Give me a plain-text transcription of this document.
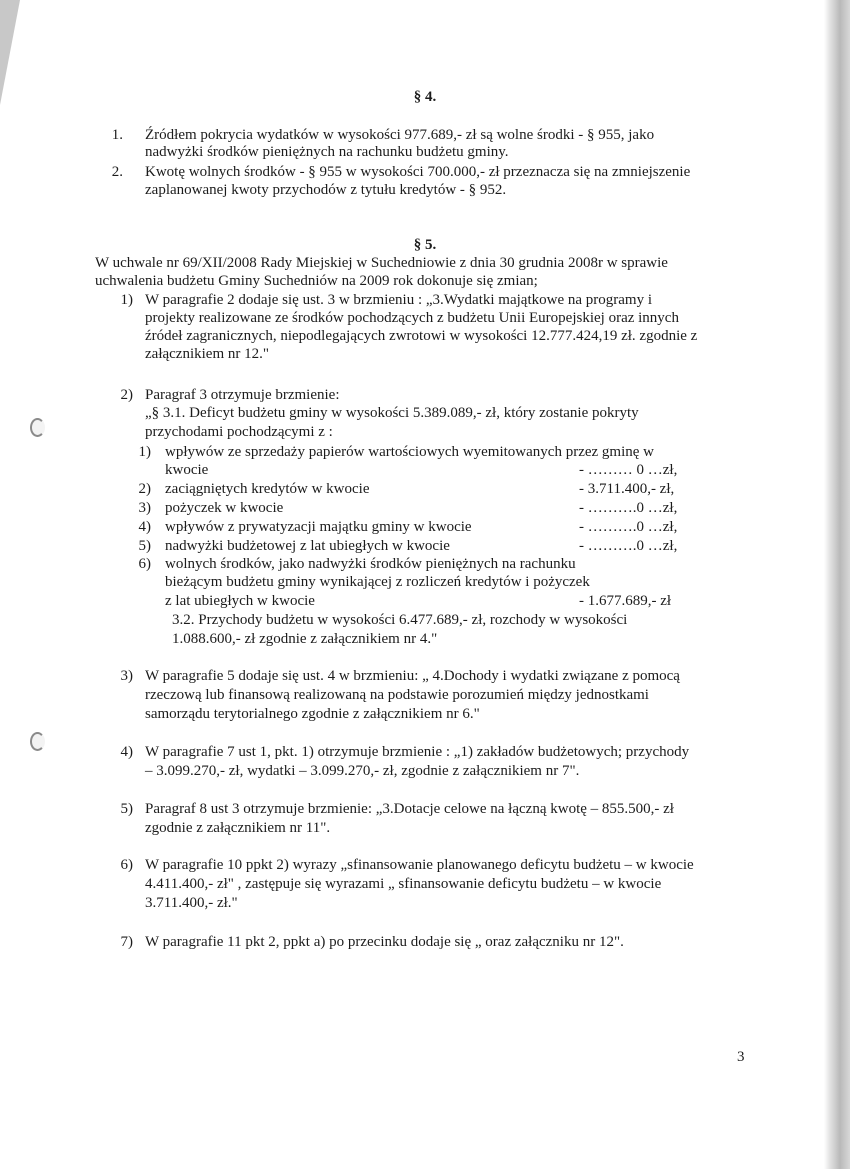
§ 4.
1. Źródłem pokrycia wydatków w wysokości 977.689,- zł są wolne środki - § 955, jako
nadwyżki środków pieniężnych na rachunku budżetu gminy.
2. Kwotę wolnych środków - § 955 w wysokości 700.000,- zł przeznacza się na zmniejszenie
zaplanowanej kwoty przychodów z tytułu kredytów - § 952.
§ 5.
W uchwale nr 69/XII/2008 Rady Miejskiej w Suchedniowie z dnia 30 grudnia 2008r w sprawie
uchwalenia budżetu Gminy Suchedniów na 2009 rok dokonuje się zmian;
1) W paragrafie 2 dodaje się ust. 3 w brzmieniu : „3.Wydatki majątkowe na programy i
projekty realizowane ze środków pochodzących z budżetu Unii Europejskiej oraz innych
źródeł zagranicznych, niepodlegających zwrotowi w wysokości 12.777.424,19 zł. zgodnie z
załącznikiem nr 12."
2) Paragraf 3 otrzymuje brzmienie:
„§ 3.1. Deficyt budżetu gminy w wysokości 5.389.089,- zł, który zostanie pokryty
przychodami pochodzącymi z :
1) wpływów ze sprzedaży papierów wartościowych wyemitowanych przez gminę w
kwocie	- ……… 0 …zł,
2) zaciągniętych kredytów w kwocie	- 3.711.400,- zł,
3) pożyczek w kwocie	- ……….0 …zł,
4) wpływów z prywatyzacji majątku gminy w kwocie	- ……….0 …zł,
5) nadwyżki budżetowej z lat ubiegłych w kwocie	- ……….0 …zł,
6) wolnych środków, jako nadwyżki środków pieniężnych na rachunku
bieżącym budżetu gminy wynikającej z rozliczeń kredytów i pożyczek
z lat ubiegłych w kwocie	- 1.677.689,- zł
3.2. Przychody budżetu w wysokości 6.477.689,- zł, rozchody w wysokości
1.088.600,- zł zgodnie z załącznikiem nr 4."
3) W paragrafie 5 dodaje się ust. 4 w brzmieniu: „ 4.Dochody i wydatki związane z pomocą
rzeczową lub finansową realizowaną na podstawie porozumień między jednostkami
samorządu terytorialnego zgodnie z załącznikiem nr 6."
4) W paragrafie 7 ust 1, pkt. 1) otrzymuje brzmienie : „1) zakładów budżetowych; przychody
– 3.099.270,- zł, wydatki – 3.099.270,- zł, zgodnie z załącznikiem nr 7".
5) Paragraf 8 ust 3 otrzymuje brzmienie: „3.Dotacje celowe na łączną kwotę – 855.500,- zł
zgodnie z załącznikiem nr 11".
6) W paragrafie 10 ppkt 2) wyrazy „sfinansowanie planowanego deficytu budżetu – w kwocie
4.411.400,- zł" , zastępuje się wyrazami „ sfinansowanie deficytu budżetu – w kwocie
3.711.400,- zł."
7) W paragrafie 11 pkt 2, ppkt a) po przecinku dodaje się „ oraz załączniku nr 12".
3
